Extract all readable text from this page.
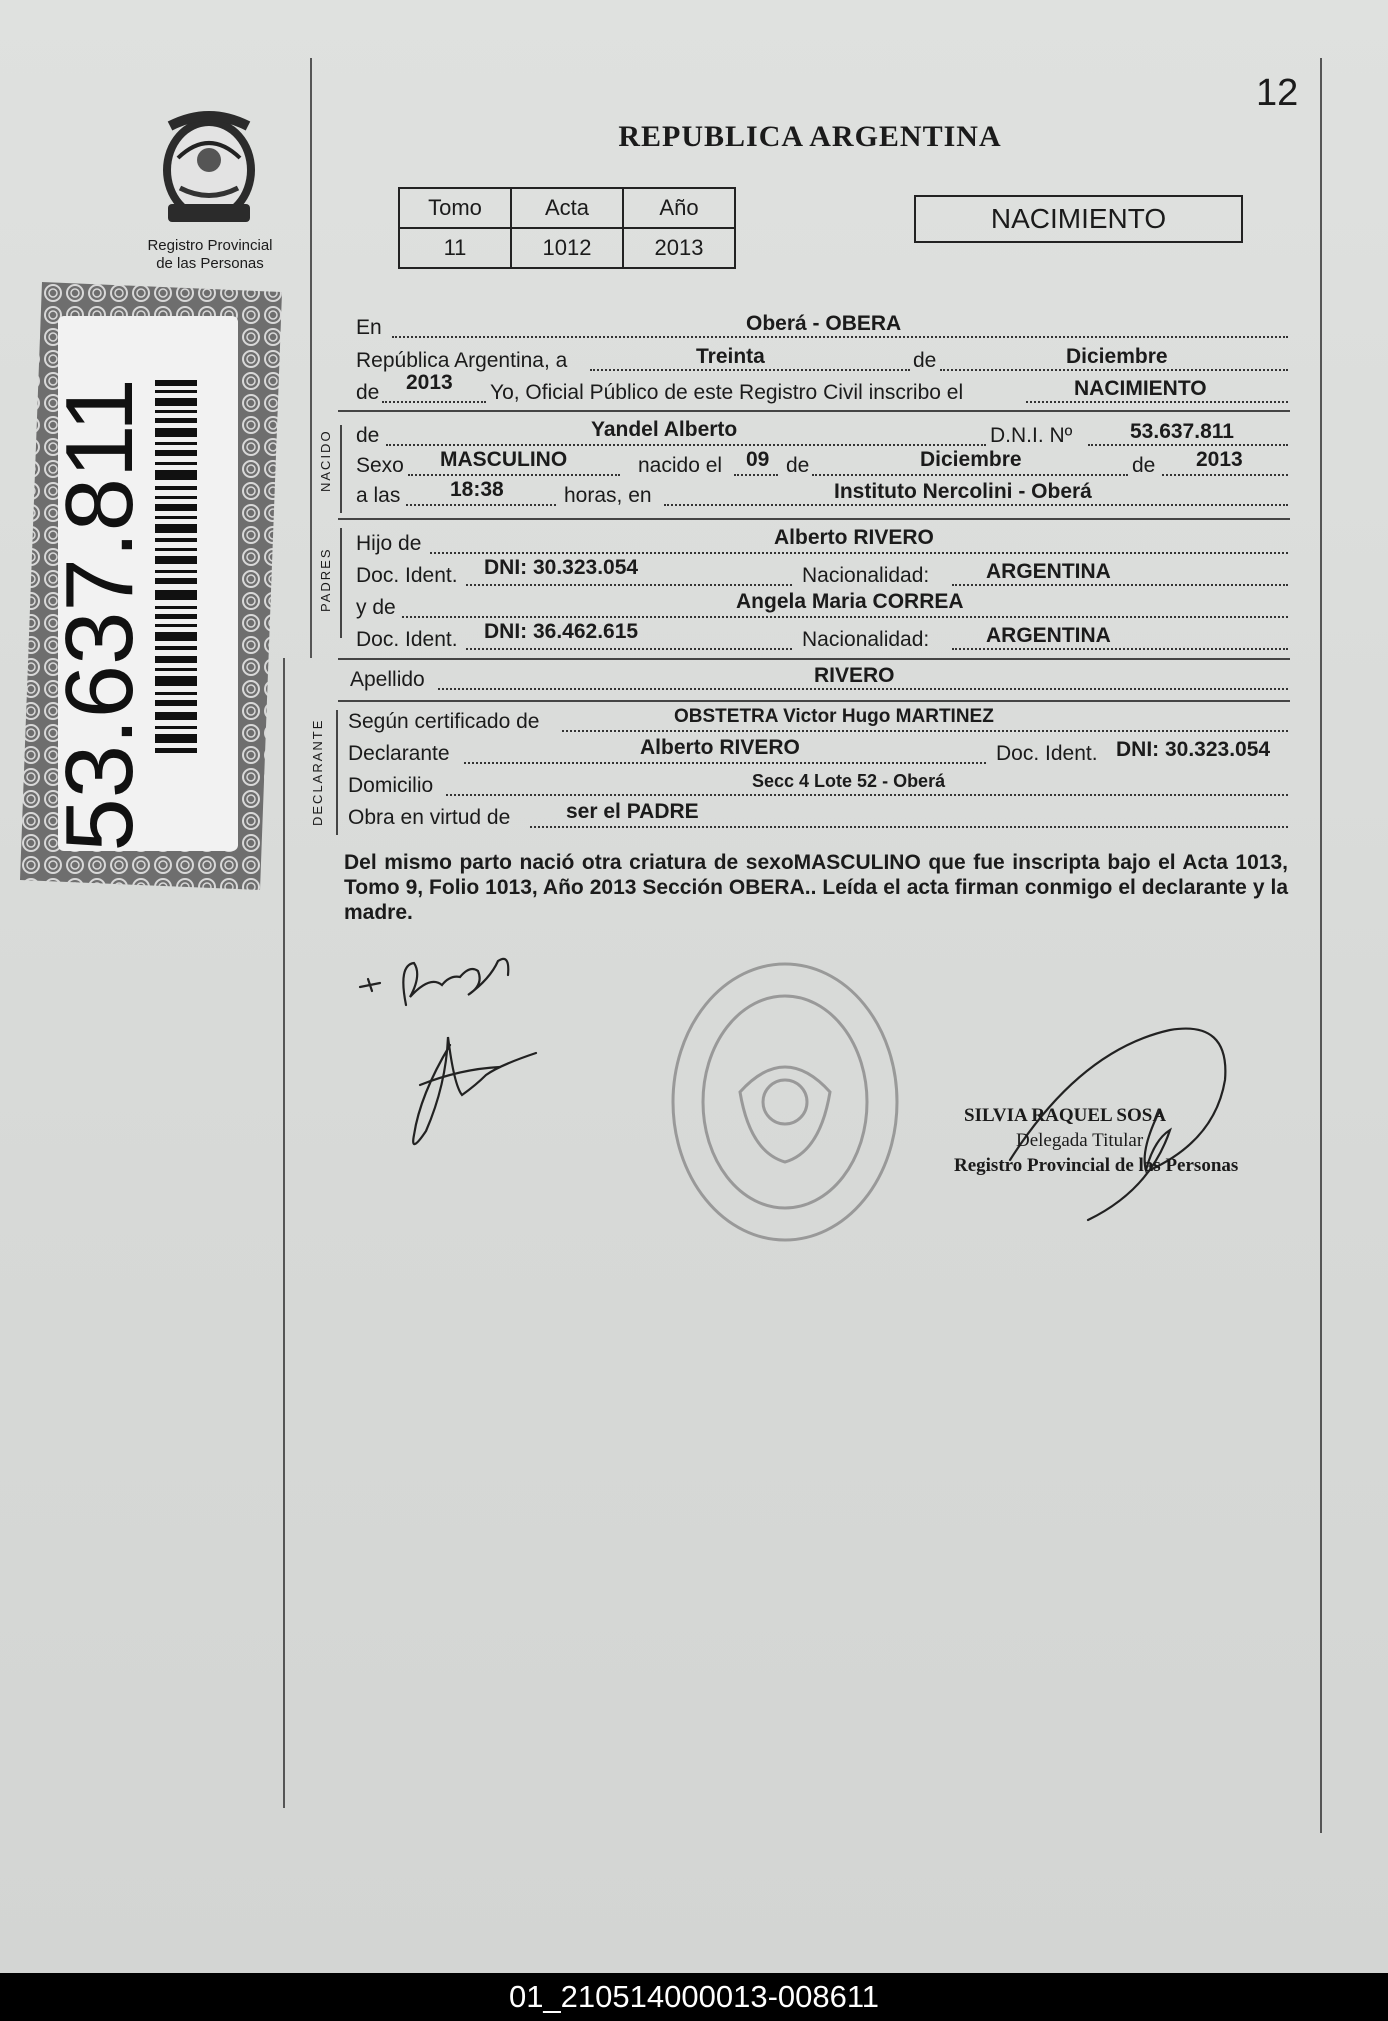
12
Registro Provincial
de las Personas
53.637.811
REPUBLICA ARGENTINA
Tomo	Acta	Año
11	1012	2013
NACIMIENTO
NACIDO
PADRES
DECLARANTE
En	Oberá - OBERA
República Argentina, a	Treinta	de	Diciembre
de 2013 Yo, Oficial Público de este Registro Civil inscribo el	NACIMIENTO
de	Yandel Alberto	D.N.I. Nº	53.637.811
Sexo MASCULINO	nacido el 09 de	Diciembre	de 2013
a las 18:38	horas, en	Instituto Nercolini - Oberá
Hijo de	Alberto RIVERO
Doc. Ident. DNI: 30.323.054	Nacionalidad:	ARGENTINA
y de	Angela Maria CORREA
Doc. Ident. DNI: 36.462.615	Nacionalidad:	ARGENTINA
Apellido	RIVERO
Según certificado de	OBSTETRA Victor Hugo MARTINEZ
Declarante	Alberto RIVERO	Doc. Ident. DNI: 30.323.054
Domicilio	Secc 4 Lote 52 - Oberá
Obra en virtud de	ser el PADRE
Del mismo parto nació otra criatura de sexoMASCULINO que fue inscripta bajo el Acta 1013, Tomo 9, Folio 1013, Año 2013 Sección OBERA.. Leída el acta firman conmigo el declarante y la madre.
SILVIA RAQUEL SOSA
Delegada Titular
Registro Provincial de las Personas
01_210514000013-008611
